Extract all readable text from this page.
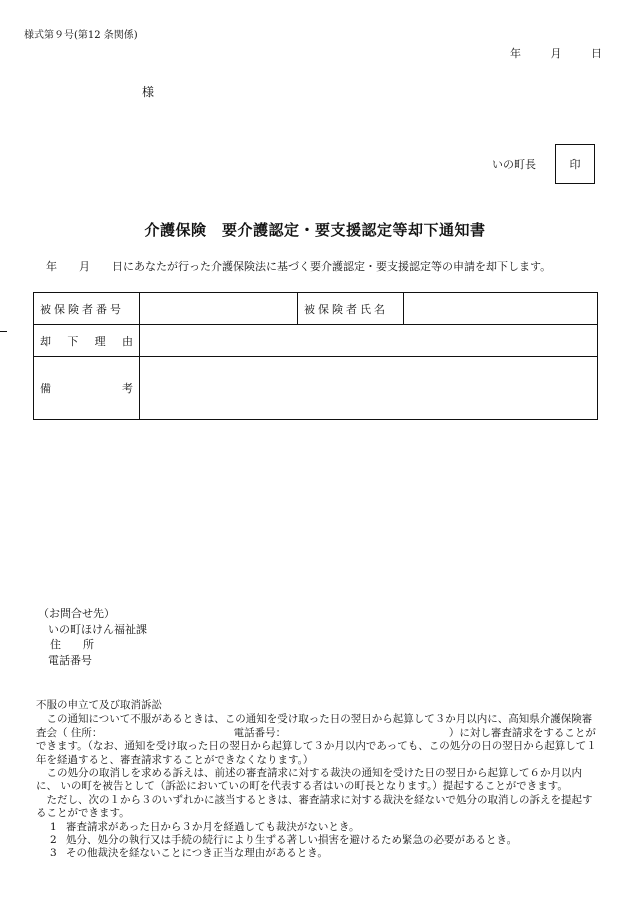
様式第９号(第12 条関係)
年	月	日
様
いの町長	印
介護保険　要介護認定・要支援認定等却下通知書
年 月 日にあなたが行った介護保険法に基づく要介護認定・要支援認定等の申請を却下します。
被保険者番号		被保険者氏名	

却 下 理 由			

備 考			

（お問合せ先）
いの町ほけん福祉課
住　　所
電話番号

不服の申立て及び取消訴訟

この通知について不服があるときは、この通知を受け取った日の翌日から起算して３か月以内に、高知県介護保険審査会（ 住所：　　　　　　　　　　　　　電話番号：　　　　　　　　　　　　　　　　）に対し審査請求をすることができます。（なお、通知を受け取った日の翌日から起算して３か月以内であっても、この処分の日の翌日から起算して１年を経過すると、審査請求することができなくなります。）

この処分の取消しを求める訴えは、前述の審査請求に対する裁決の通知を受けた日の翌日から起算して６か月以内に、 いの町を被告として（訴訟においていの町を代表する者はいの町長となります。）提起することができます。

ただし、次の１から３のいずれかに該当するときは、審査請求に対する裁決を経ないで処分の取消しの訴えを提起することができます。

1 審査請求があった日から３か月を経過しても裁決がないとき。

2 処分、処分の執行又は手続の続行により生ずる著しい損害を避けるため緊急の必要があるとき。

3 その他裁決を経ないことにつき正当な理由があるとき。
